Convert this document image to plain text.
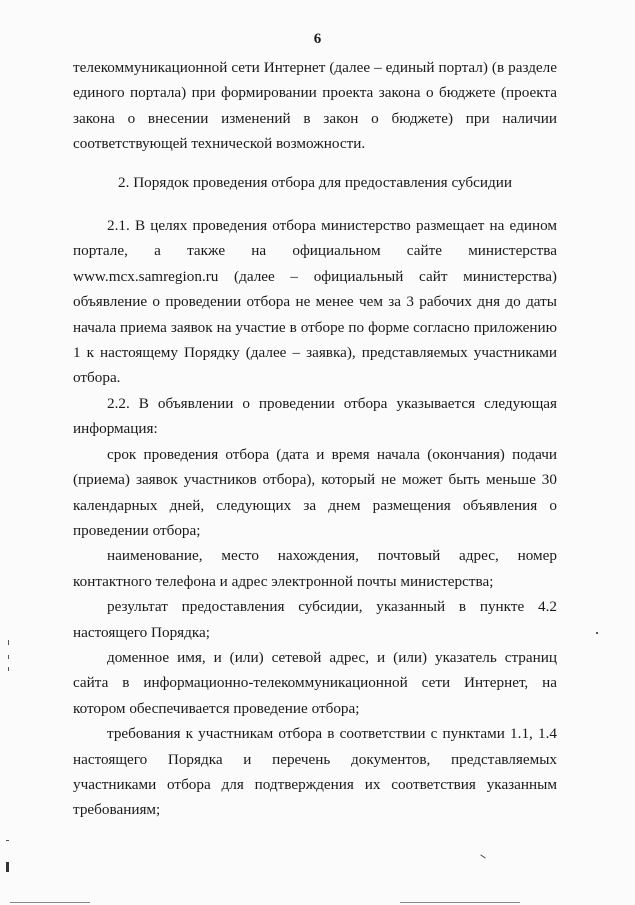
6

телекоммуникационной сети Интернет (далее – единый портал) (в разделе единого портала) при формировании проекта закона о бюджете (проекта закона о внесении изменений в закон о бюджете) при наличии соответствующей технической возможности.

2. Порядок проведения отбора для предоставления субсидии

2.1. В целях проведения отбора министерство размещает на едином портале, а также на официальном сайте министерства www.mcx.samregion.ru (далее – официальный сайт министерства) объявление о проведении отбора не менее чем за 3 рабочих дня до даты начала приема заявок на участие в отборе по форме согласно приложению 1 к настоящему Порядку (далее – заявка), представляемых участниками отбора.

2.2. В объявлении о проведении отбора указывается следующая информация:

срок проведения отбора (дата и время начала (окончания) подачи (приема) заявок участников отбора), который не может быть меньше 30 календарных дней, следующих за днем размещения объявления о проведении отбора;

наименование, место нахождения, почтовый адрес, номер контактного телефона и адрес электронной почты министерства;

результат предоставления субсидии, указанный в пункте 4.2 настоящего Порядка;

доменное имя, и (или) сетевой адрес, и (или) указатель страниц сайта в информационно-телекоммуникационной сети Интернет, на котором обеспечивается проведение отбора;

требования к участникам отбора в соответствии с пунктами 1.1, 1.4 настоящего Порядка и перечень документов, представляемых участниками отбора для подтверждения их соответствия указанным требованиям;
